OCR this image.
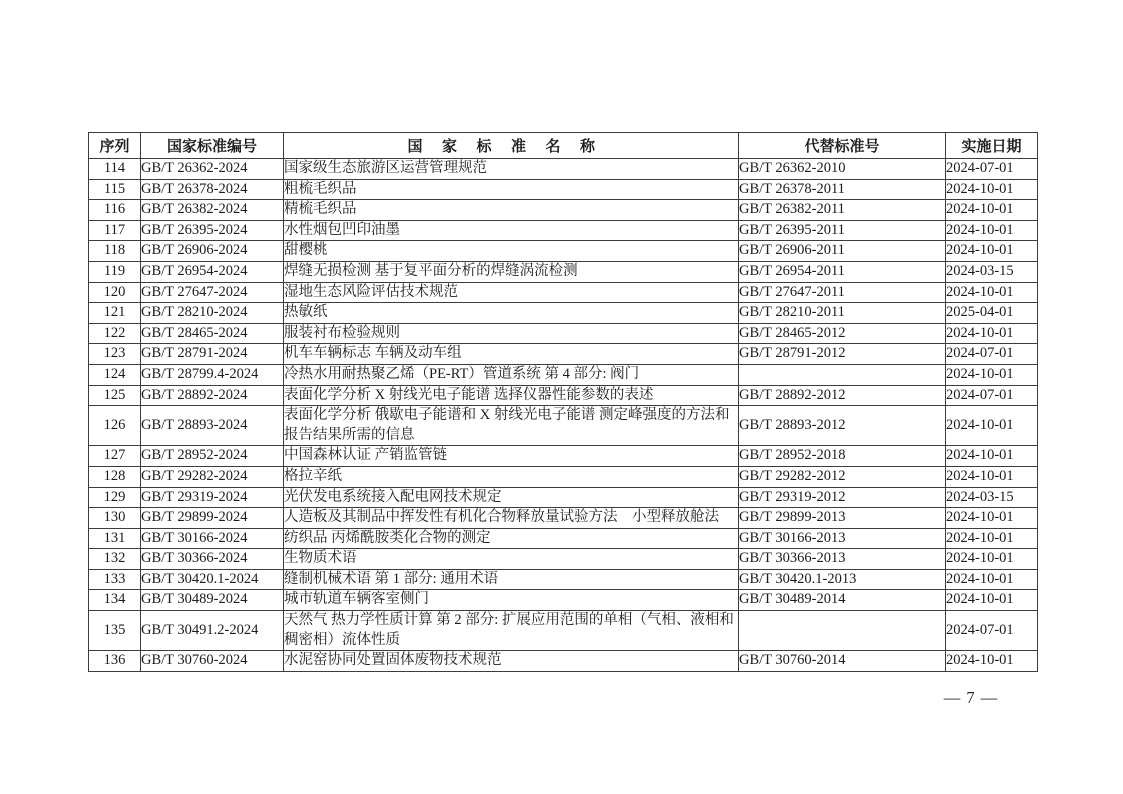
序列	国家标准编号	国家标准名称	代替标准号	实施日期
114	GB/T 26362-2024	国家级生态旅游区运营管理规范	GB/T 26362-2010	2024-07-01
115	GB/T 26378-2024	粗梳毛织品	GB/T 26378-2011	2024-10-01
116	GB/T 26382-2024	精梳毛织品	GB/T 26382-2011	2024-10-01
117	GB/T 26395-2024	水性烟包凹印油墨	GB/T 26395-2011	2024-10-01
118	GB/T 26906-2024	甜樱桃	GB/T 26906-2011	2024-10-01
119	GB/T 26954-2024	焊缝无损检测 基于复平面分析的焊缝涡流检测	GB/T 26954-2011	2024-03-15
120	GB/T 27647-2024	湿地生态风险评估技术规范	GB/T 27647-2011	2024-10-01
121	GB/T 28210-2024	热敏纸	GB/T 28210-2011	2025-04-01
122	GB/T 28465-2024	服装衬布检验规则	GB/T 28465-2012	2024-10-01
123	GB/T 28791-2024	机车车辆标志 车辆及动车组	GB/T 28791-2012	2024-07-01
124	GB/T 28799.4-2024	冷热水用耐热聚乙烯（PE-RT）管道系统 第 4 部分: 阀门		2024-10-01
125	GB/T 28892-2024	表面化学分析 X 射线光电子能谱 选择仪器性能参数的表述	GB/T 28892-2012	2024-07-01
126	GB/T 28893-2024	表面化学分析 俄歇电子能谱和 X 射线光电子能谱 测定峰强度的方法和报告结果所需的信息	GB/T 28893-2012	2024-10-01
127	GB/T 28952-2024	中国森林认证 产销监管链	GB/T 28952-2018	2024-10-01
128	GB/T 29282-2024	格拉辛纸	GB/T 29282-2012	2024-10-01
129	GB/T 29319-2024	光伏发电系统接入配电网技术规定	GB/T 29319-2012	2024-03-15
130	GB/T 29899-2024	人造板及其制品中挥发性有机化合物释放量试验方法　小型释放舱法	GB/T 29899-2013	2024-10-01
131	GB/T 30166-2024	纺织品 丙烯酰胺类化合物的测定	GB/T 30166-2013	2024-10-01
132	GB/T 30366-2024	生物质术语	GB/T 30366-2013	2024-10-01
133	GB/T 30420.1-2024	缝制机械术语 第 1 部分: 通用术语	GB/T 30420.1-2013	2024-10-01
134	GB/T 30489-2024	城市轨道车辆客室侧门	GB/T 30489-2014	2024-10-01
135	GB/T 30491.2-2024	天然气 热力学性质计算 第 2 部分: 扩展应用范围的单相（气相、液相和稠密相）流体性质		2024-07-01
136	GB/T 30760-2024	水泥窑协同处置固体废物技术规范	GB/T 30760-2014	2024-10-01
— 7 —
